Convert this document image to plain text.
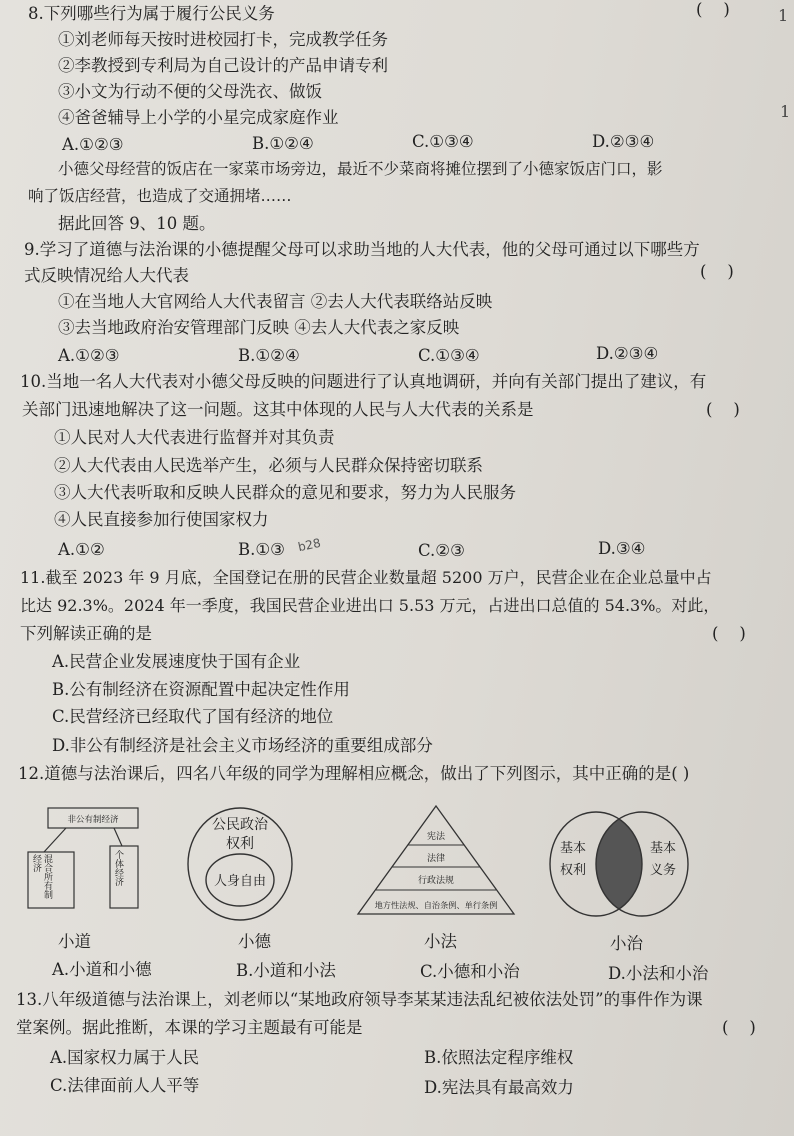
1
1
8.下列哪些行为属于履行公民义务	(    )
①刘老师每天按时进校园打卡，完成教学任务
②李教授到专利局为自己设计的产品申请专利
③小文为行动不便的父母洗衣、做饭
④爸爸辅导上小学的小星完成家庭作业
A.①②③	B.①②④	C.①③④	D.②③④
小德父母经营的饭店在一家菜市场旁边，最近不少菜商将摊位摆到了小德家饭店门口，影
响了饭店经营，也造成了交通拥堵……
据此回答 9、10 题。
9.学习了道德与法治课的小德提醒父母可以求助当地的人大代表，他的父母可通过以下哪些方
式反映情况给人大代表	(    )
①在当地人大官网给人大代表留言 ②去人大代表联络站反映
③去当地政府治安管理部门反映 ④去人大代表之家反映
A.①②③	B.①②④	C.①③④	D.②③④
10.当地一名人大代表对小德父母反映的问题进行了认真地调研，并向有关部门提出了建议，有
关部门迅速地解决了这一问题。这其中体现的人民与人大代表的关系是	(    )
①人民对人大代表进行监督并对其负责
②人大代表由人民选举产生，必须与人民群众保持密切联系
③人大代表听取和反映人民群众的意见和要求，努力为人民服务
④人民直接参加行使国家权力
A.①②	B.①③ b28	C.②③	D.③④
11.截至 2023 年 9 月底，全国登记在册的民营企业数量超 5200 万户，民营企业在企业总量中占
比达 92.3%。2024 年一季度，我国民营企业进出口 5.53 万元，占进出口总值的 54.3%。对此，
下列解读正确的是	(    )
A.民营企业发展速度快于国有企业
B.公有制经济在资源配置中起决定性作用
C.民营经济已经取代了国有经济的地位
D.非公有制经济是社会主义市场经济的重要组成部分
12.道德与法治课后，四名八年级的同学为理解相应概念，做出了下列图示，其中正确的是( )
非公有制经济
混合所有制经济	个体经济
小道
公民政治权利
人身自由
小德
宪法
法律
行政法规
地方性法规、自治条例、单行条例
小法
基本权利
基本义务
小治
A.小道和小德	B.小道和小法	C.小德和小治	D.小法和小治
13.八年级道德与法治课上，刘老师以“某地政府领导李某某违法乱纪被依法处罚”的事件作为课
堂案例。据此推断，本课的学习主题最有可能是	(    )
A.国家权力属于人民	B.依照法定程序维权
C.法律面前人人平等	D.宪法具有最高效力
